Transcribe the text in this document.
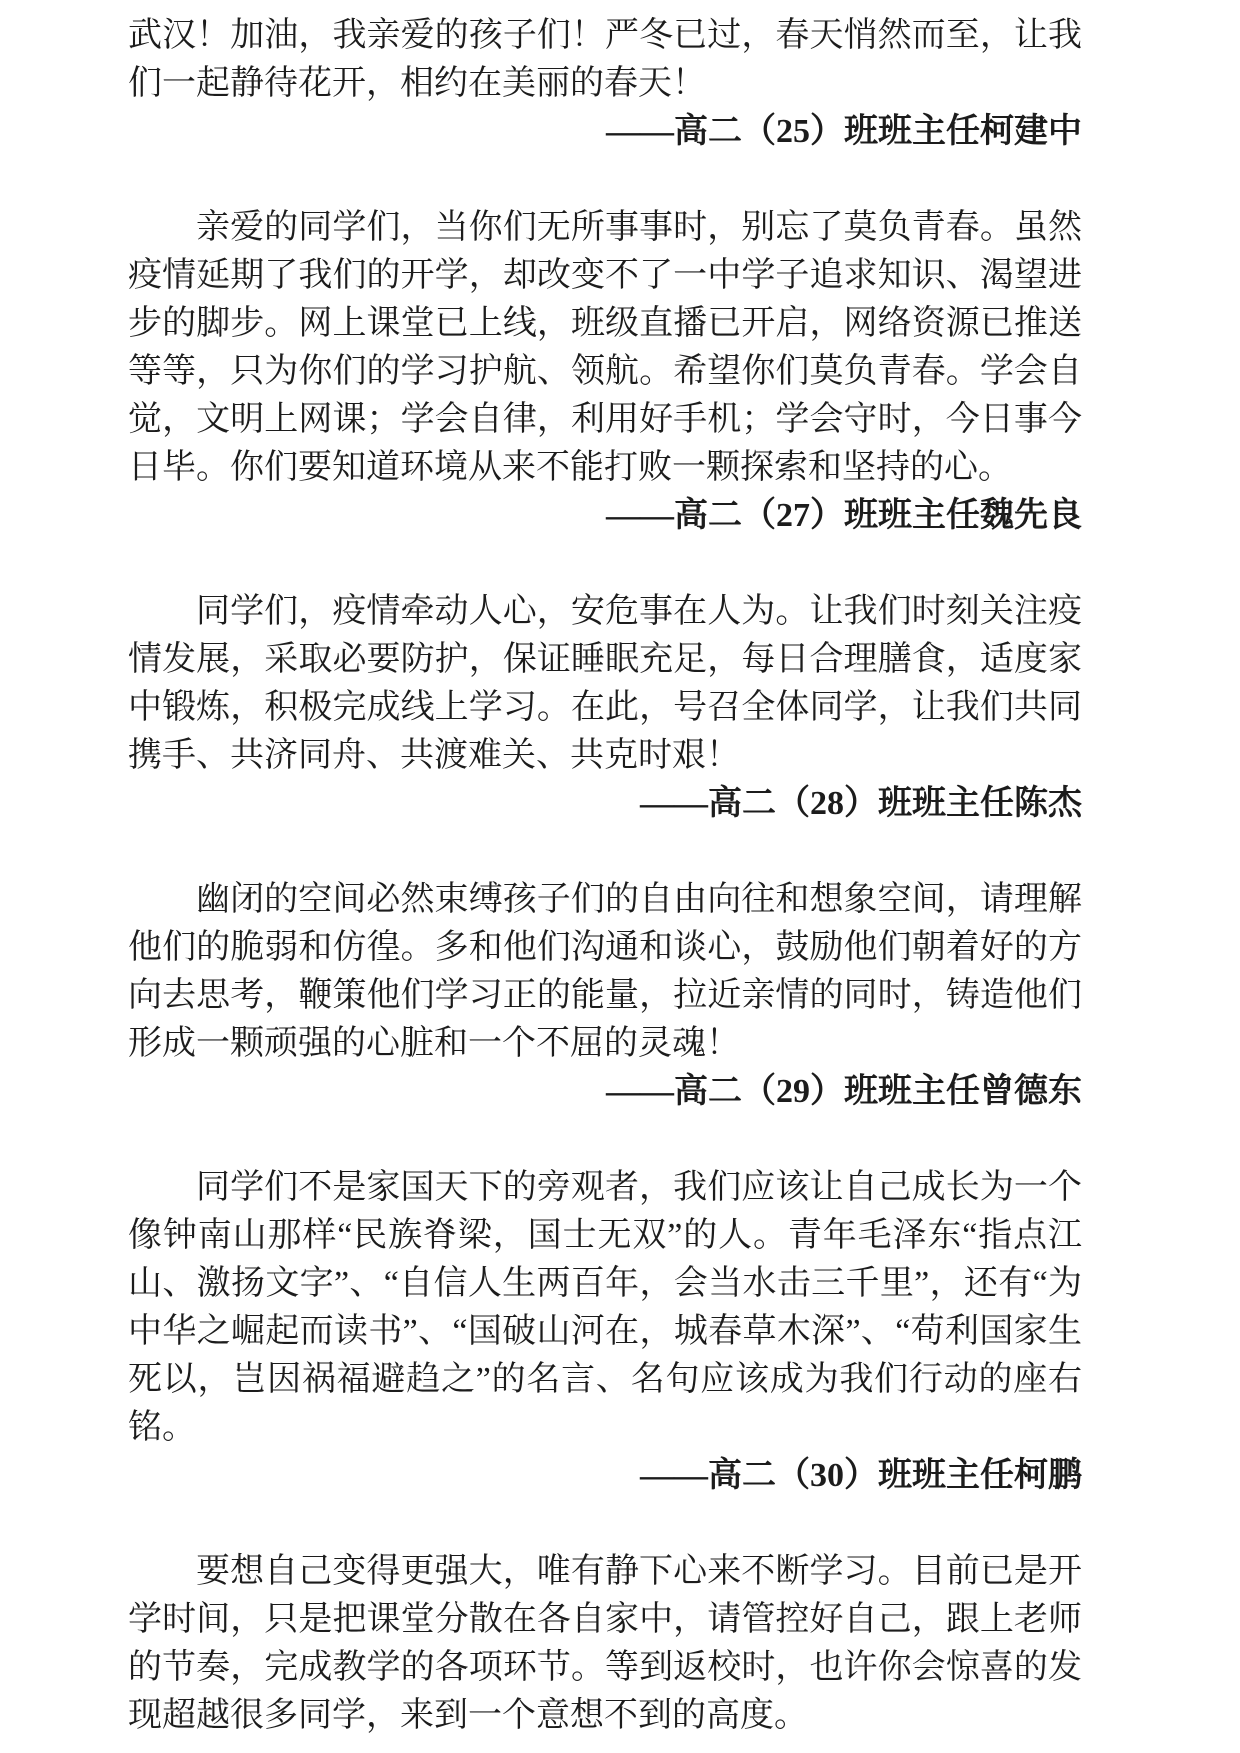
武汉！加油，我亲爱的孩子们！严冬已过，春天悄然而至，让我们一起静待花开，相约在美丽的春天！

——高二（25）班班主任柯建中

亲爱的同学们，当你们无所事事时，别忘了莫负青春。虽然疫情延期了我们的开学，却改变不了一中学子追求知识、渴望进步的脚步。网上课堂已上线，班级直播已开启，网络资源已推送等等，只为你们的学习护航、领航。希望你们莫负青春。学会自觉，文明上网课；学会自律，利用好手机；学会守时，今日事今日毕。你们要知道环境从来不能打败一颗探索和坚持的心。

——高二（27）班班主任魏先良

同学们，疫情牵动人心，安危事在人为。让我们时刻关注疫情发展，采取必要防护，保证睡眠充足，每日合理膳食，适度家中锻炼，积极完成线上学习。在此，号召全体同学，让我们共同携手、共济同舟、共渡难关、共克时艰！

——高二（28）班班主任陈杰

幽闭的空间必然束缚孩子们的自由向往和想象空间，请理解他们的脆弱和仿徨。多和他们沟通和谈心，鼓励他们朝着好的方向去思考，鞭策他们学习正的能量，拉近亲情的同时，铸造他们形成一颗顽强的心脏和一个不屈的灵魂！

——高二（29）班班主任曾德东

同学们不是家国天下的旁观者，我们应该让自己成长为一个像钟南山那样“民族脊梁，国士无双”的人。青年毛泽东“指点江山、激扬文字”、“自信人生两百年，会当水击三千里”，还有“为中华之崛起而读书”、“国破山河在，城春草木深”、“苟利国家生死以，岂因祸福避趋之”的名言、名句应该成为我们行动的座右铭。

——高二（30）班班主任柯鹏

要想自己变得更强大，唯有静下心来不断学习。目前已是开学时间，只是把课堂分散在各自家中，请管控好自己，跟上老师的节奏，完成教学的各项环节。等到返校时，也许你会惊喜的发现超越很多同学，来到一个意想不到的高度。
